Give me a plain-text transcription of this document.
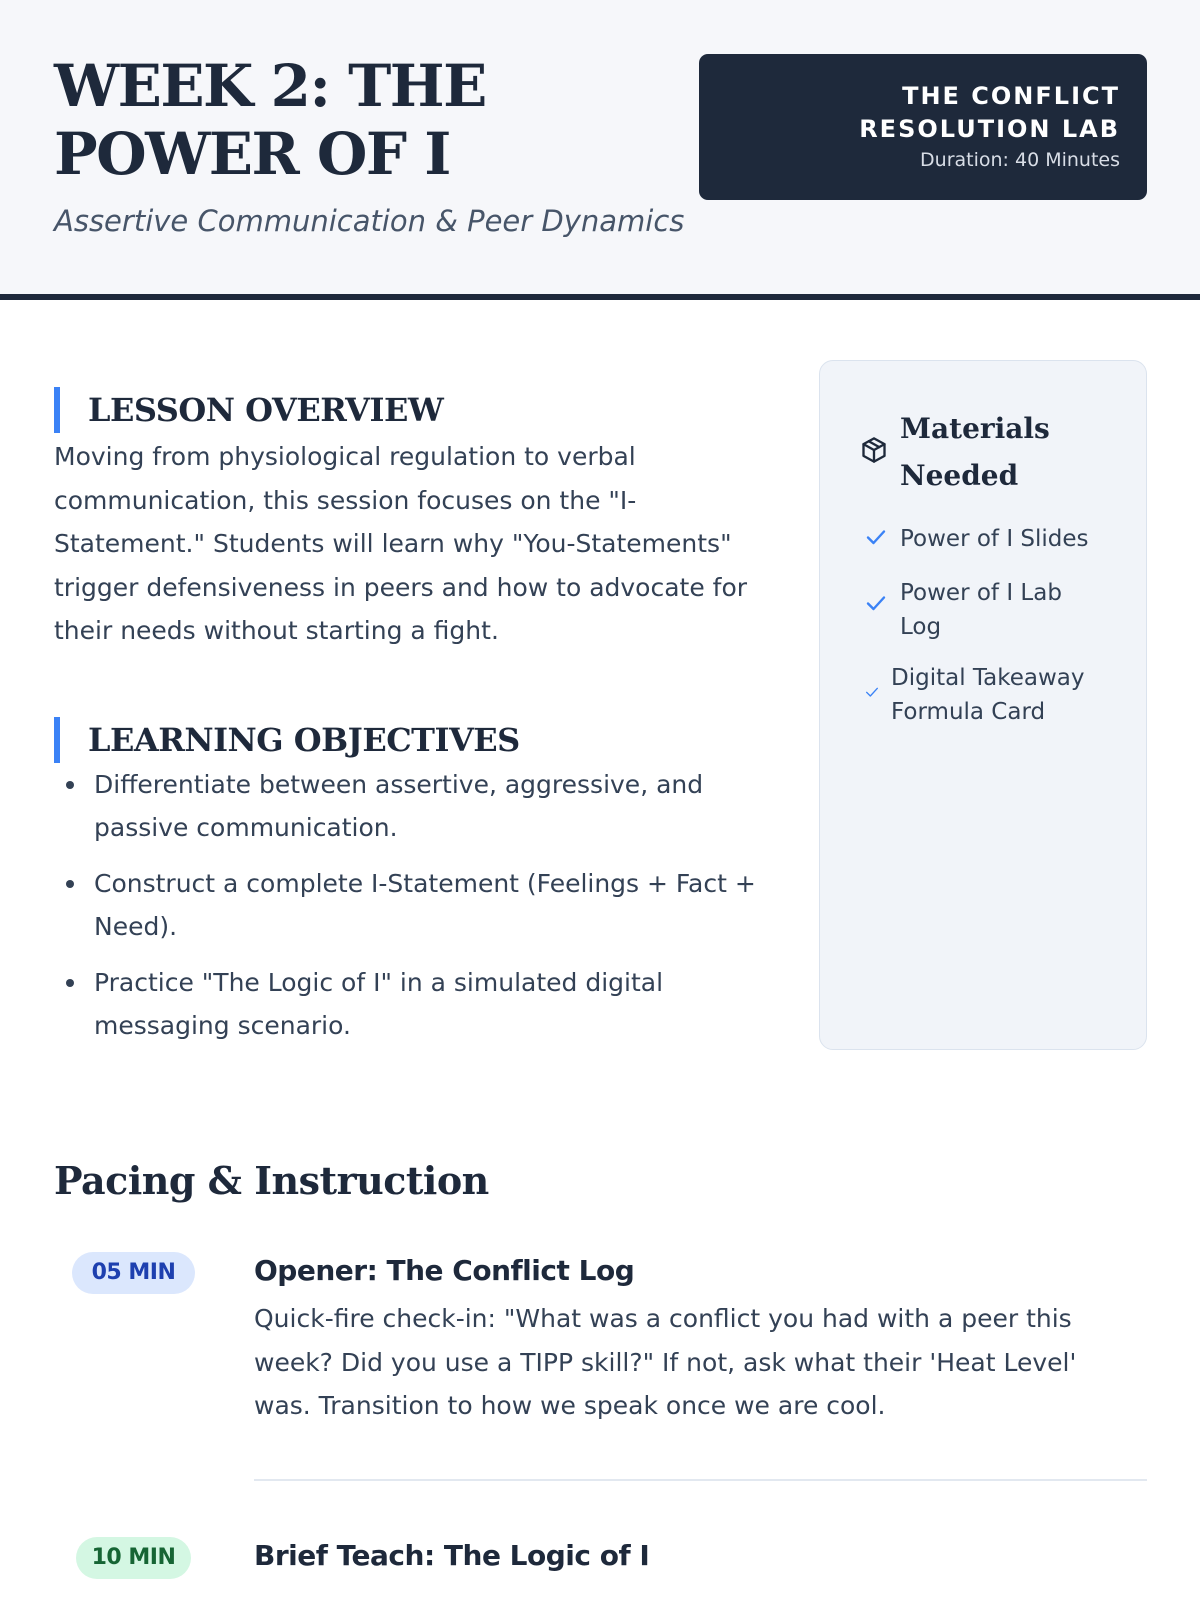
WEEK 2: THE POWER OF I

Assertive Communication & Peer Dynamics

THE CONFLICT RESOLUTION LAB
Duration: 40 Minutes
LESSON OVERVIEW

Moving from physiological regulation to verbal communication, this session focuses on the "I-Statement." Students will learn why "You-Statements" trigger defensiveness in peers and how to advocate for their needs without starting a fight.

LEARNING OBJECTIVES
Differentiate between assertive, aggressive, and passive communication.
Construct a complete I-Statement (Feelings + Fact + Need).
Practice "The Logic of I" in a simulated digital messaging scenario.
Materials Needed
Power of I Slides
Power of I Lab Log
Digital Takeaway Formula Card
Pacing & Instruction
05 MIN	Opener: The Conflict Log

Quick-fire check-in: "What was a conflict you had with a peer this week? Did you use a TIPP skill?" If not, ask what their 'Heat Level' was. Transition to how we speak once we are cool.

10 MIN	Brief Teach: The Logic of I
